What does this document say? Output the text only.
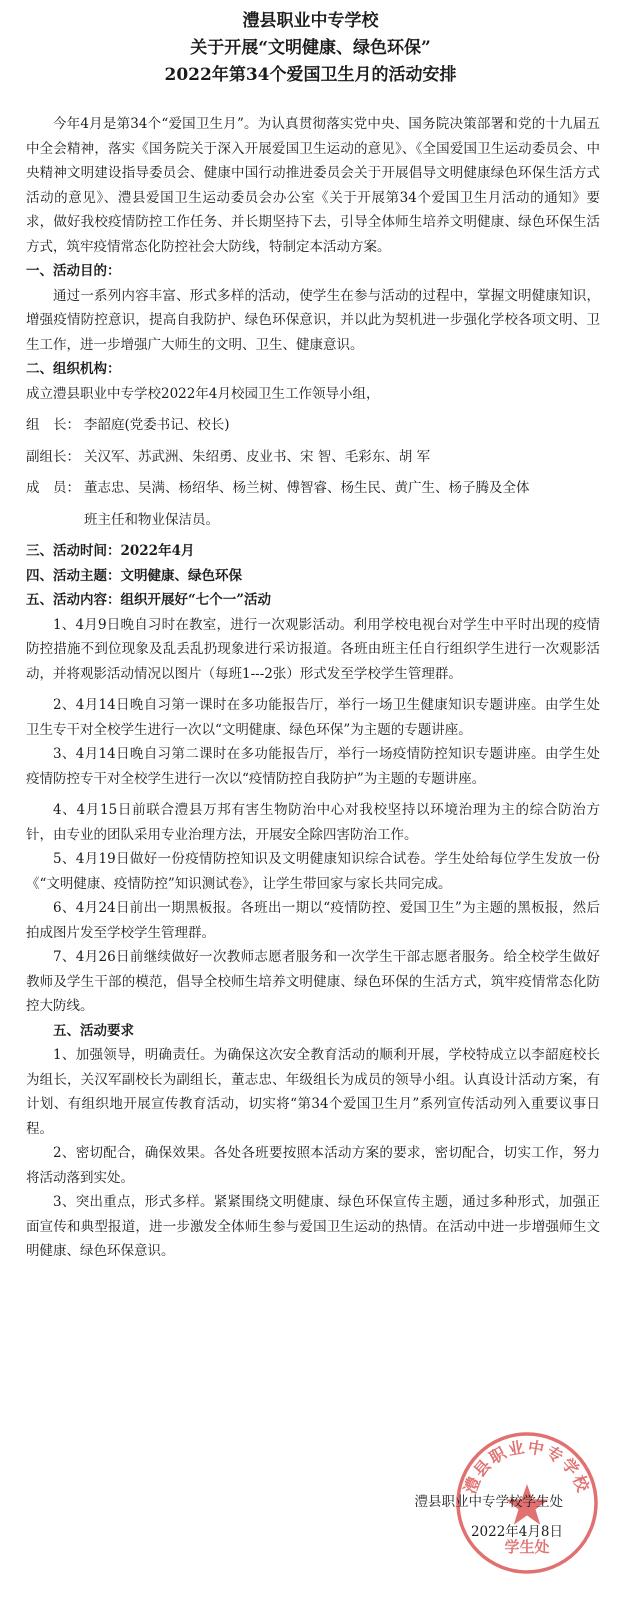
澧县职业中专学校

关于开展“文明健康、绿色环保”

2022年第34个爱国卫生月的活动安排

今年4月是第34个“爱国卫生月”。为认真贯彻落实党中央、国务院决策部署和党的十九届五中全会精神，落实《国务院关于深入开展爱国卫生运动的意见》、《全国爱国卫生运动委员会、中央精神文明建设指导委员会、健康中国行动推进委员会关于开展倡导文明健康绿色环保生活方式活动的意见》、澧县爱国卫生运动委员会办公室《关于开展第34个爱国卫生月活动的通知》要求，做好我校疫情防控工作任务、并长期坚持下去，引导全体师生培养文明健康、绿色环保生活方式，筑牢疫情常态化防控社会大防线，特制定本活动方案。

一、活动目的：

通过一系列内容丰富、形式多样的活动，使学生在参与活动的过程中，掌握文明健康知识，增强疫情防控意识，提高自我防护、绿色环保意识，并以此为契机进一步强化学校各项文明、卫生工作，进一步增强广大师生的文明、卫生、健康意识。

二、组织机构：

成立澧县职业中专学校2022年4月校园卫生工作领导小组，

组　长： 李韶庭(党委书记、校长)

副组长： 关汉军、苏武洲、朱绍勇、皮业书、宋 智、毛彩东、胡 军

成　员： 董志忠、吴满、杨绍华、杨兰树、傅智睿、杨生民、黄广生、杨子腾及全体

班主任和物业保洁员。

三、活动时间：2022年4月

四、活动主题：文明健康、绿色环保

五、活动内容：组织开展好“七个一”活动

1、4月9日晚自习时在教室，进行一次观影活动。利用学校电视台对学生中平时出现的疫情防控措施不到位现象及乱丢乱扔现象进行采访报道。各班由班主任自行组织学生进行一次观影活动，并将观影活动情况以图片（每班1---2张）形式发至学校学生管理群。

2、4月14日晚自习第一课时在多功能报告厅，举行一场卫生健康知识专题讲座。由学生处卫生专干对全校学生进行一次以“文明健康、绿色环保”为主题的专题讲座。

3、4月14日晚自习第二课时在多功能报告厅，举行一场疫情防控知识专题讲座。由学生处疫情防控专干对全校学生进行一次以“疫情防控自我防护”为主题的专题讲座。

4、4月15日前联合澧县万邦有害生物防治中心对我校坚持以环境治理为主的综合防治方针，由专业的团队采用专业治理方法，开展安全除四害防治工作。

5、4月19日做好一份疫情防控知识及文明健康知识综合试卷。学生处给每位学生发放一份《“文明健康、疫情防控”知识测试卷》，让学生带回家与家长共同完成。

6、4月24日前出一期黑板报。各班出一期以“疫情防控、爱国卫生”为主题的黑板报，然后拍成图片发至学校学生管理群。

7、4月26日前继续做好一次教师志愿者服务和一次学生干部志愿者服务。给全校学生做好教师及学生干部的模范，倡导全校师生培养文明健康、绿色环保的生活方式，筑牢疫情常态化防控大防线。

五、活动要求

1、加强领导，明确责任。为确保这次安全教育活动的顺利开展，学校特成立以李韶庭校长为组长，关汉军副校长为副组长，董志忠、年级组长为成员的领导小组。认真设计活动方案，有计划、有组织地开展宣传教育活动，切实将“第34个爱国卫生月”系列宣传活动列入重要议事日程。

2、密切配合，确保效果。各处各班要按照本活动方案的要求，密切配合，切实工作，努力将活动落到实处。

3、突出重点，形式多样。紧紧围绕文明健康、绿色环保宣传主题，通过多种形式，加强正面宣传和典型报道，进一步激发全体师生参与爱国卫生运动的热情。在活动中进一步增强师生文明健康、绿色环保意识。

澧县职业中专学校
学生处

澧县职业中专学校学生处

2022年4月8日
